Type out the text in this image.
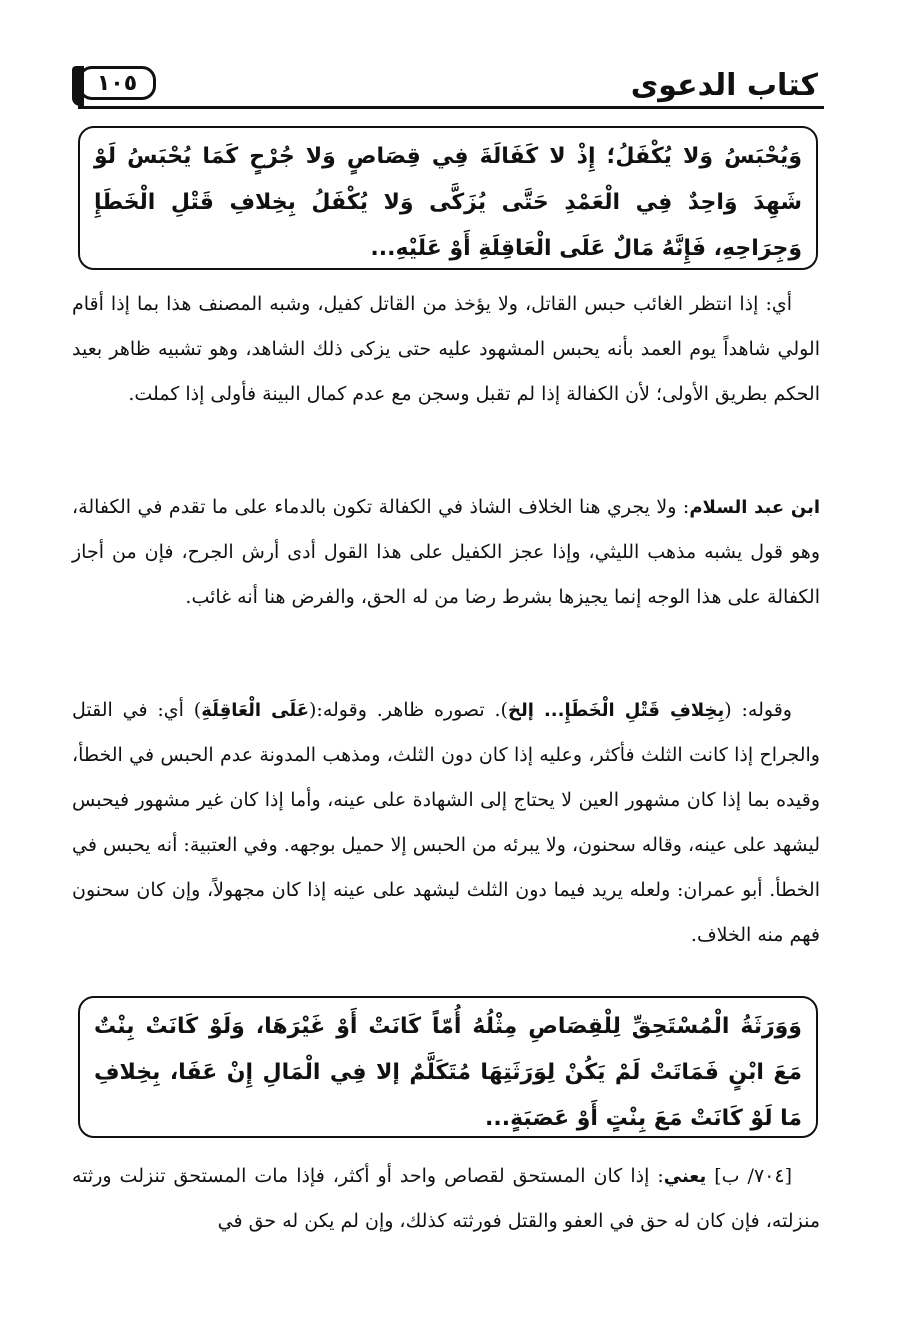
كتاب الدعوى
١٠٥
وَيُحْبَسُ وَلا يُكْفَلُ؛ إِذْ لا كَفَالَةَ فِي قِصَاصٍ وَلا جُرْحٍ كَمَا يُحْبَسُ لَوْ شَهِدَ وَاحِدٌ فِي الْعَمْدِ حَتَّى يُزَكَّى وَلا يُكْفَلُ بِخِلافِ قَتْلِ الْخَطَإِ وَجِرَاحِهِ، فَإِنَّهُ مَالٌ عَلَى الْعَاقِلَةِ أَوْ عَلَيْهِ...
أي: إذا انتظر الغائب حبس القاتل، ولا يؤخذ من القاتل كفيل، وشبه المصنف هذا بما إذا أقام الولي شاهداً يوم العمد بأنه يحبس المشهود عليه حتى يزكى ذلك الشاهد، وهو تشبيه ظاهر بعيد الحكم بطريق الأولى؛ لأن الكفالة إذا لم تقبل وسجن مع عدم كمال البينة فأولى إذا كملت.
ابن عبد السلام: ولا يجري هنا الخلاف الشاذ في الكفالة تكون بالدماء على ما تقدم في الكفالة، وهو قول يشبه مذهب الليثي، وإذا عجز الكفيل على هذا القول أدى أرش الجرح، فإن من أجاز الكفالة على هذا الوجه إنما يجيزها بشرط رضا من له الحق، والفرض هنا أنه غائب.
وقوله: (بِخِلافِ قَتْلِ الْخَطَإِ... إلخ). تصوره ظاهر. وقوله:(عَلَى الْعَاقِلَةِ) أي: في القتل والجراح إذا كانت الثلث فأكثر، وعليه إذا كان دون الثلث، ومذهب المدونة عدم الحبس في الخطأ، وقيده بما إذا كان مشهور العين لا يحتاج إلى الشهادة على عينه، وأما إذا كان غير مشهور فيحبس ليشهد على عينه، وقاله سحنون، ولا يبرئه من الحبس إلا حميل بوجهه. وفي العتبية: أنه يحبس في الخطأ. أبو عمران: ولعله يريد فيما دون الثلث ليشهد على عينه إذا كان مجهولاً، وإن كان سحنون فهم منه الخلاف.
وَوَرَثَةُ الْمُسْتَحِقِّ لِلْقِصَاصِ مِثْلُهُ أُمّاً كَانَتْ أَوْ غَيْرَهَا، وَلَوْ كَانَتْ بِنْتٌ مَعَ ابْنٍ فَمَاتَتْ لَمْ يَكُنْ لِوَرَثَتِهَا مُتَكَلَّمٌ إلا فِي الْمَالِ إِنْ عَفَا، بِخِلافِ مَا لَوْ كَانَتْ مَعَ بِنْتٍ أَوْ عَصَبَةٍ...
[٧٠٤/ ب] يعني: إذا كان المستحق لقصاص واحد أو أكثر، فإذا مات المستحق تنزلت ورثته منزلته، فإن كان له حق في العفو والقتل فورثته كذلك، وإن لم يكن له حق في
